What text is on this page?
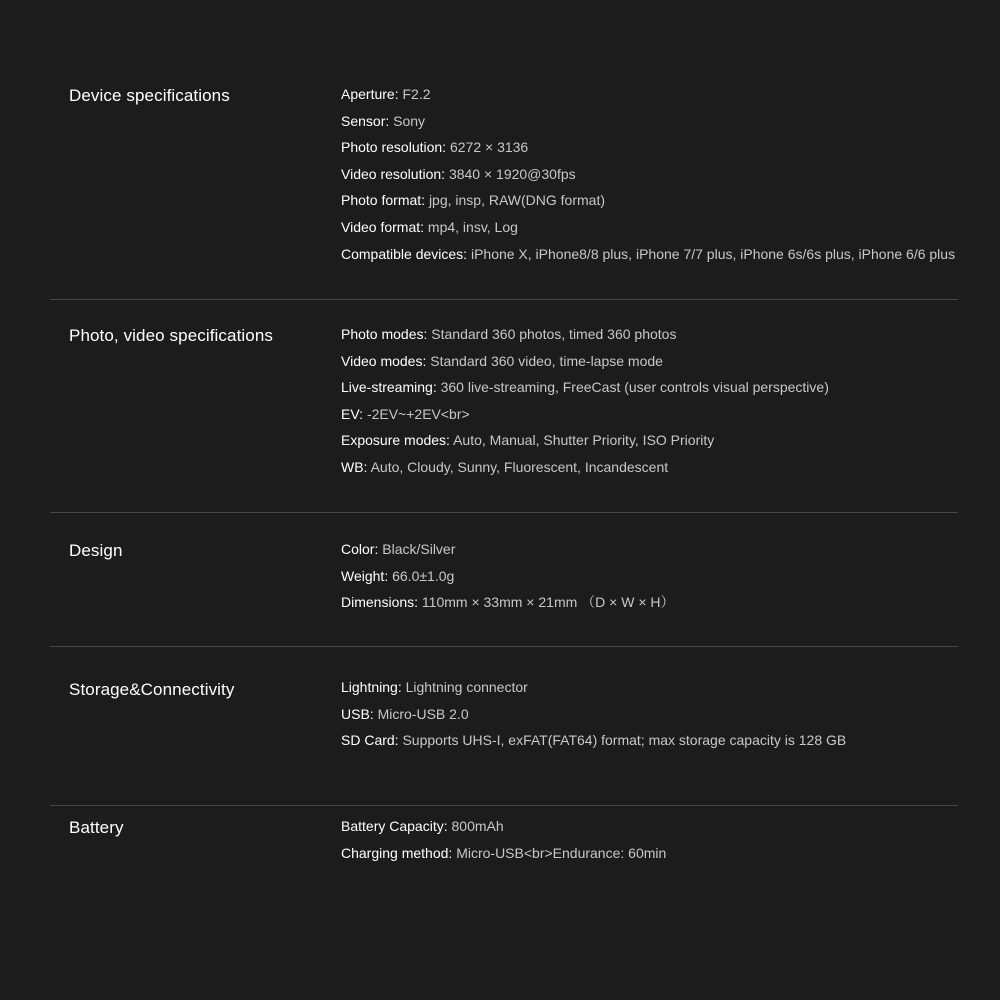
Device specifications	Aperture: F2.2
Sensor: Sony
Photo resolution: 6272 × 3136
Video resolution: 3840 × 1920@30fps
Photo format: jpg, insp, RAW(DNG format)
Video format: mp4, insv, Log
Compatible devices: iPhone X, iPhone8/8 plus, iPhone 7/7 plus, iPhone 6s/6s plus, iPhone 6/6 plus
Photo, video specifications	Photo modes: Standard 360 photos, timed 360 photos
Video modes: Standard 360 video, time-lapse mode
Live-streaming: 360 live-streaming, FreeCast (user controls visual perspective)
EV: -2EV~+2EV<br>
Exposure modes: Auto, Manual, Shutter Priority, ISO Priority
WB: Auto, Cloudy, Sunny, Fluorescent, Incandescent
Design	Color: Black/Silver
Weight: 66.0±1.0g
Dimensions: 110mm × 33mm × 21mm （D × W × H）
Storage&Connectivity	Lightning: Lightning connector
USB: Micro-USB 2.0
SD Card: Supports UHS-I, exFAT(FAT64) format; max storage capacity is 128 GB
Battery	Battery Capacity: 800mAh
Charging method: Micro-USB<br>Endurance: 60min
